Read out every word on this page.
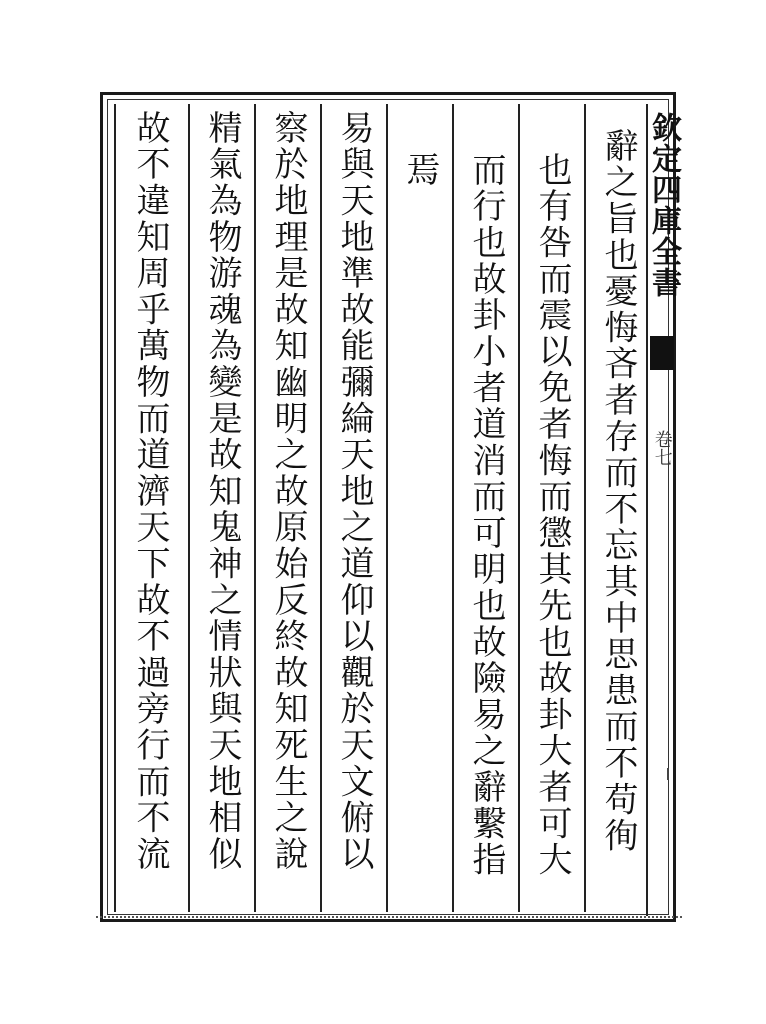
欽定四庫全書
卷七
辭之旨也憂悔吝者存而不忘其中思患而不苟徇
也有咎而震以免者悔而懲其先也故卦大者可大
而行也故卦小者道消而可明也故險易之辭繫指
焉
易與天地準故能彌綸天地之道仰以觀於天文俯以
察於地理是故知幽明之故原始反終故知死生之說
精氣為物游魂為變是故知鬼神之情狀與天地相似
故不違知周乎萬物而道濟天下故不過旁行而不流
